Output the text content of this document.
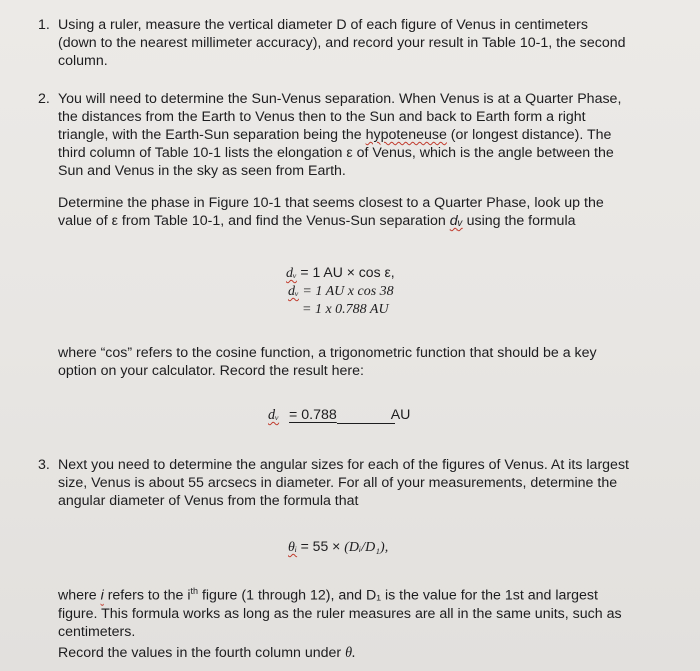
1. Using a ruler, measure the vertical diameter D of each figure of Venus in centimeters
(down to the nearest millimeter accuracy), and record your result in Table 10-1, the second
column.
2. You will need to determine the Sun-Venus separation. When Venus is at a Quarter Phase,
the distances from the Earth to Venus then to the Sun and back to Earth form a right
triangle, with the Earth-Sun separation being the hypoteneuse (or longest distance). The
third column of Table 10-1 lists the elongation ε of Venus, which is the angle between the
Sun and Venus in the sky as seen from Earth.
Determine the phase in Figure 10-1 that seems closest to a Quarter Phase, look up the
value of ε from Table 10-1, and find the Venus-Sun separation dᵥ using the formula
dᵥ = 1 AU × cos ε,
dᵥ = 1 AU x cos 38
= 1 x 0.788 AU
where “cos” refers to the cosine function, a trigonometric function that should be a key
option on your calculator. Record the result here:
dᵥ = 0.788	AU
3. Next you need to determine the angular sizes for each of the figures of Venus. At its largest
size, Venus is about 55 arcsecs in diameter. For all of your measurements, determine the
angular diameter of Venus from the formula that
θᵢ = 55 × (Dᵢ/D₁),
where i refers to the $i^{th}$ figure (1 through 12), and D₁ is the value for the 1st and largest
figure. This formula works as long as the ruler measures are all in the same units, such as
centimeters.
Record the values in the fourth column under θ.
